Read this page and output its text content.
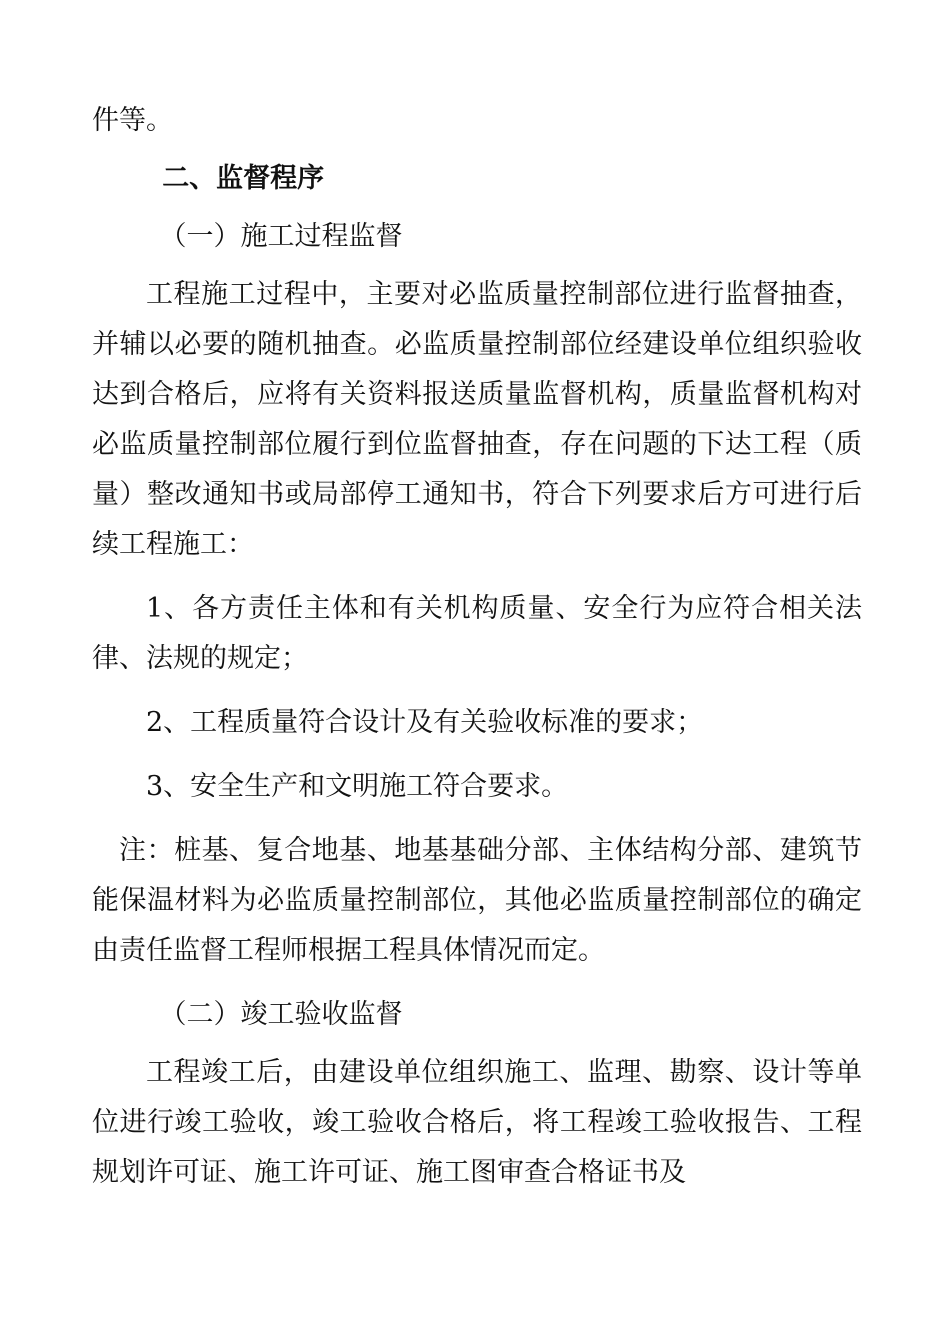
件等。

二、监督程序

（一）施工过程监督

工程施工过程中，主要对必监质量控制部位进行监督抽查，并辅以必要的随机抽查。必监质量控制部位经建设单位组织验收达到合格后，应将有关资料报送质量监督机构，质量监督机构对必监质量控制部位履行到位监督抽查，存在问题的下达工程（质量）整改通知书或局部停工通知书，符合下列要求后方可进行后续工程施工：

1、各方责任主体和有关机构质量、安全行为应符合相关法律、法规的规定；

2、工程质量符合设计及有关验收标准的要求；

3、安全生产和文明施工符合要求。

注：桩基、复合地基、地基基础分部、主体结构分部、建筑节能保温材料为必监质量控制部位，其他必监质量控制部位的确定由责任监督工程师根据工程具体情况而定。

（二）竣工验收监督

工程竣工后，由建设单位组织施工、监理、勘察、设计等单位进行竣工验收，竣工验收合格后，将工程竣工验收报告、工程规划许可证、施工许可证、施工图审查合格证书及
